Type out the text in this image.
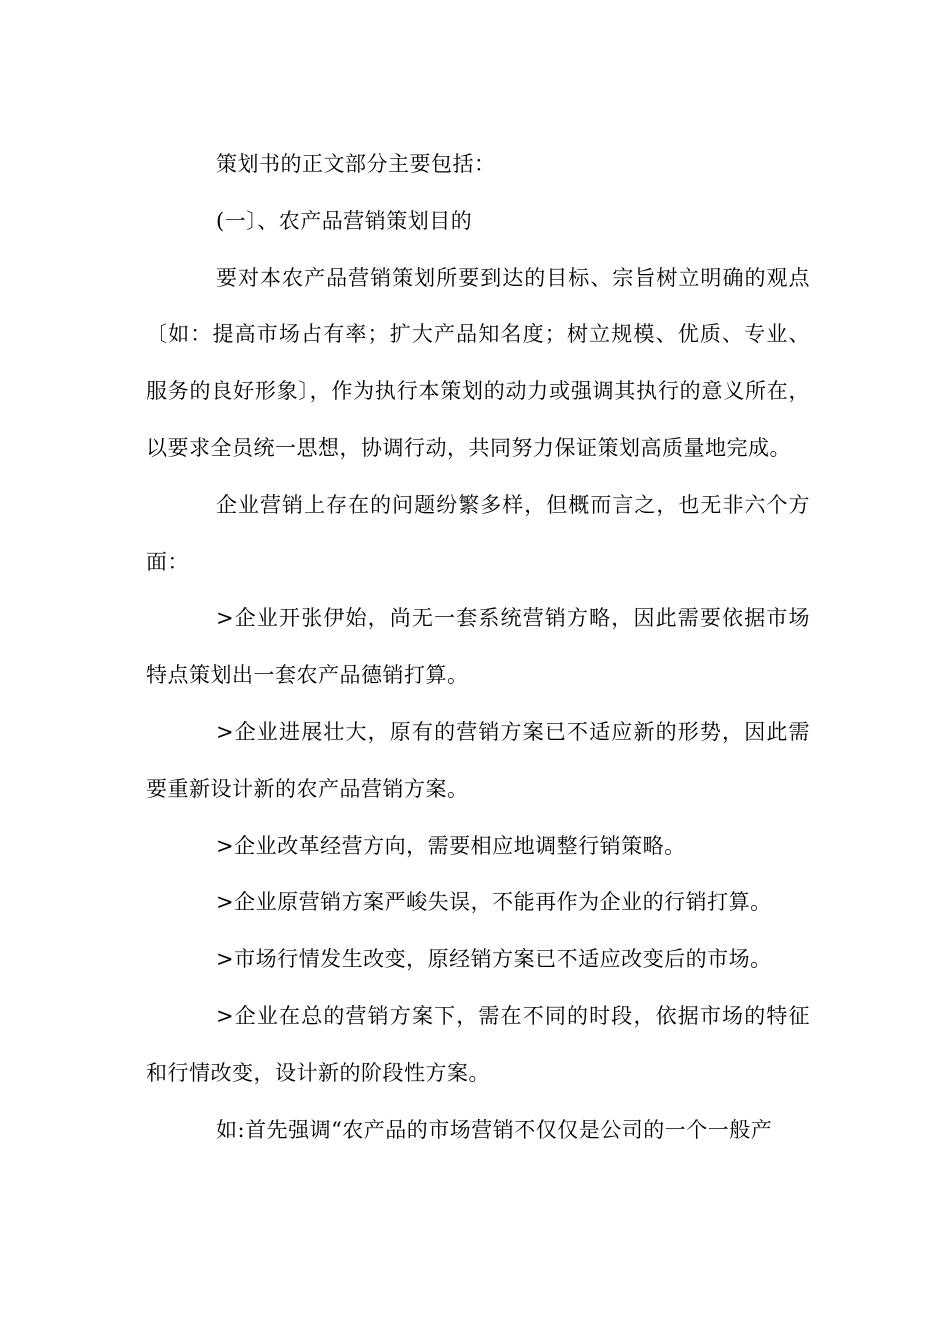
策划书的正文部分主要包括：

(一〕、农产品营销策划目的

要对本农产品营销策划所要到达的目标、宗旨树立明确的观点〔如：提高市场占有率；扩大产品知名度；树立规模、优质、专业、服务的良好形象〕，作为执行本策划的动力或强调其执行的意义所在，以要求全员统一思想，协调行动，共同努力保证策划高质量地完成。

企业营销上存在的问题纷繁多样，但概而言之，也无非六个方面：

>企业开张伊始，尚无一套系统营销方略，因此需要依据市场特点策划出一套农产品德销打算。

>企业进展壮大，原有的营销方案已不适应新的形势，因此需要重新设计新的农产品营销方案。

>企业改革经营方向，需要相应地调整行销策略。

>企业原营销方案严峻失误，不能再作为企业的行销打算。

>市场行情发生改变，原经销方案已不适应改变后的市场。

>企业在总的营销方案下，需在不同的时段，依据市场的特征和行情改变，设计新的阶段性方案。

如:首先强调“农产品的市场营销不仅仅是公司的一个一般产
